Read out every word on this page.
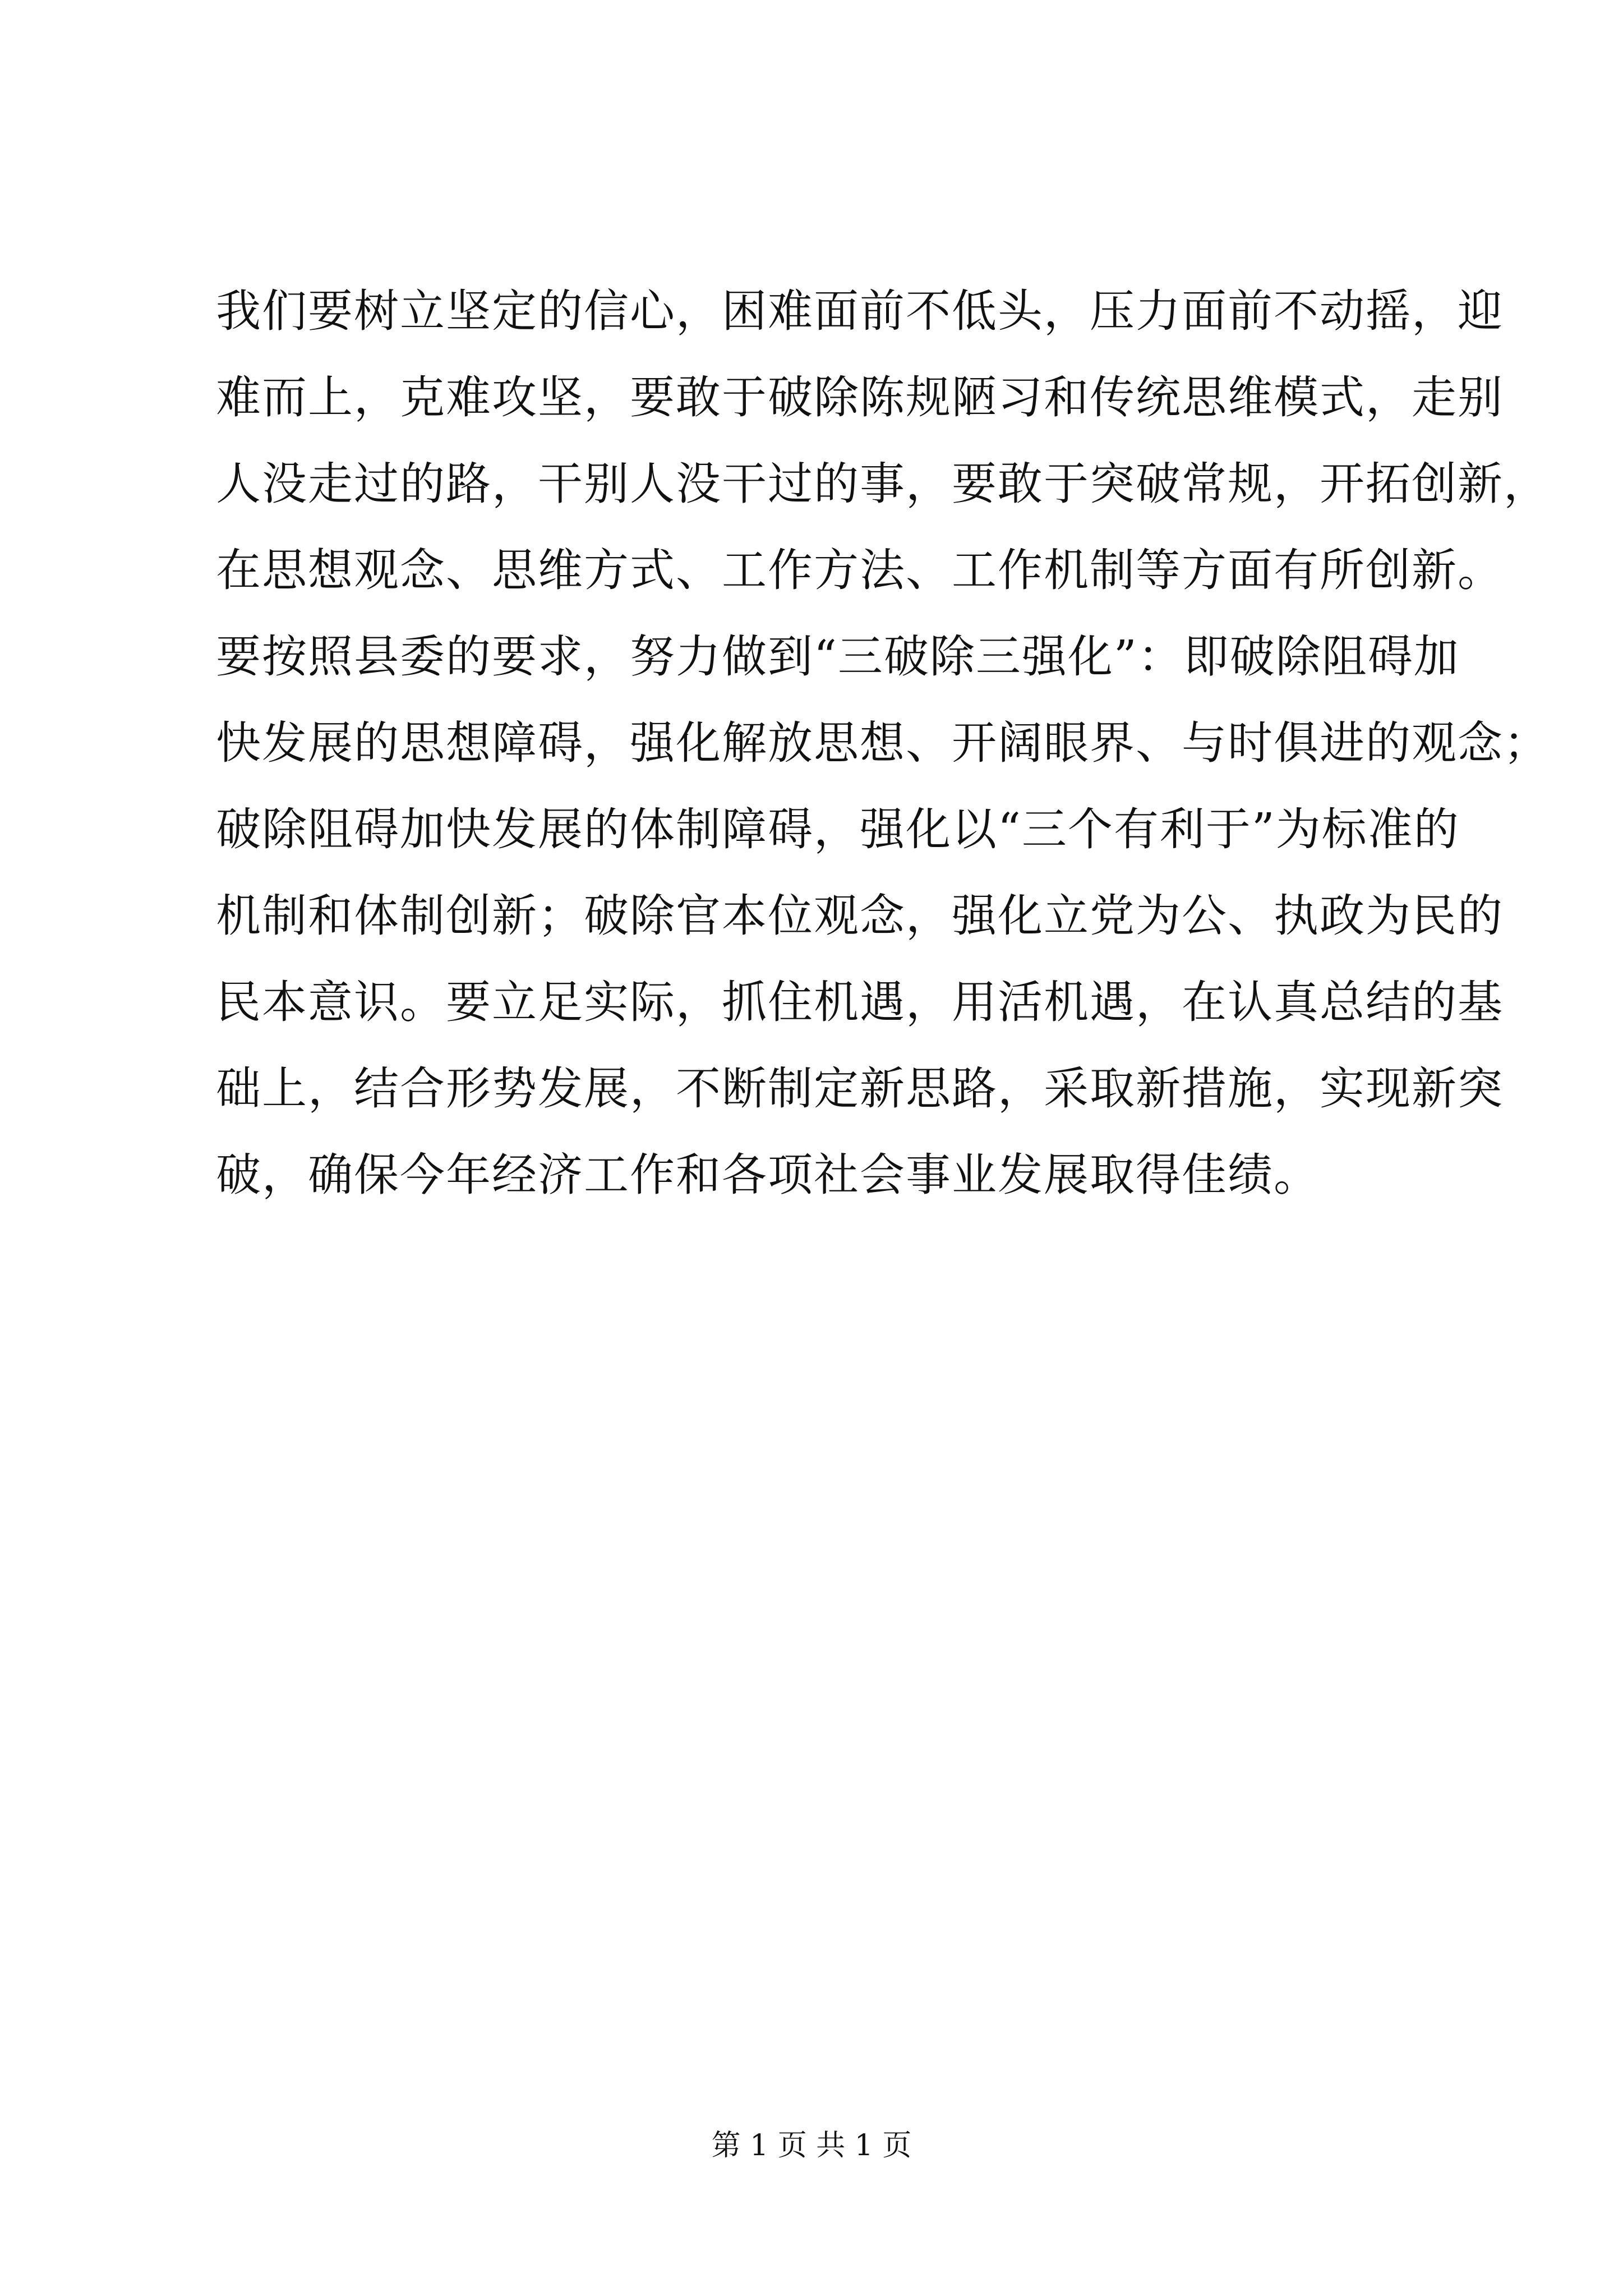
我们要树立坚定的信心，困难面前不低头，压力面前不动摇，迎
难而上，克难攻坚，要敢于破除陈规陋习和传统思维模式，走别
人没走过的路，干别人没干过的事，要敢于突破常规，开拓创新，
在思想观念、思维方式、工作方法、工作机制等方面有所创新。
要按照县委的要求，努力做到“三破除三强化”：即破除阻碍加
快发展的思想障碍，强化解放思想、开阔眼界、与时俱进的观念；
破除阻碍加快发展的体制障碍，强化以“三个有利于”为标准的
机制和体制创新；破除官本位观念，强化立党为公、执政为民的
民本意识。要立足实际，抓住机遇，用活机遇，在认真总结的基
础上，结合形势发展，不断制定新思路，采取新措施，实现新突
破，确保今年经济工作和各项社会事业发展取得佳绩。
第 1 页 共 1 页
